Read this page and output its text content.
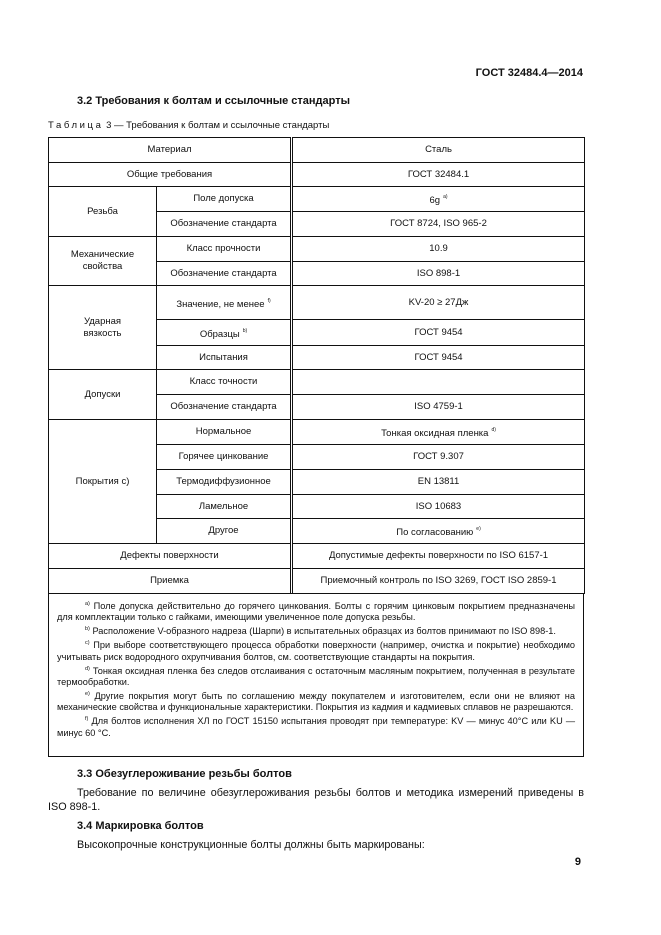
ГОСТ 32484.4—2014
3.2 Требования к болтам и ссылочные стандарты
Таблица 3 — Требования к болтам и ссылочные стандарты
Материал		Сталь
Общие требования		ГОСТ 32484.1
Резьба	Поле допуска	6g $^{а)}$
	Обозначение стандарта	ГОСТ 8724, ISO 965-2
Механические
свойства	Класс прочности	10.9
	Обозначение стандарта	ISO 898-1
Ударная
вязкость	Значение, не менее $^{f)}$	KV-20 ≥ 27Дж
	Образцы $^{b)}$	ГОСТ 9454
	Испытания	ГОСТ 9454
Допуски	Класс точности	
	Обозначение стандарта	ISO 4759-1
Покрытия с)	Нормальное	Тонкая оксидная пленка $^{d)}$
	Горячее цинкование	ГОСТ 9.307
	Термодиффузионное	EN 13811
	Ламельное	ISO 10683
	Другое	По согласованию $^{e)}$
Дефекты поверхности		Допустимые дефекты поверхности по ISO 6157-1
Приемка		Приемочный контроль по ISO 3269, ГОСТ ISO 2859-1

$^{а)}$ Поле допуска действительно до горячего цинкования. Болты с горячим цинковым покрытием предназначены для комплектации только с гайками, имеющими увеличенное поле допуска резьбы.

$^{b)}$ Расположение V-образного надреза (Шарпи) в испытательных образцах из болтов принимают по ISO 898-1.

$^{c)}$ При выборе соответствующего процесса обработки поверхности (например, очистка и покрытие) необходимо учитывать риск водородного охрупчивания болтов, см. соответствующие стандарты на покрытия.

$^{d)}$ Тонкая оксидная пленка без следов отслаивания с остаточным масляным покрытием, полученная в результате термообработки.

$^{e)}$ Другие покрытия могут быть по соглашению между покупателем и изготовителем, если они не влияют на механические свойства и функциональные характеристики. Покрытия из кадмия и кадмиевых сплавов не разрешаются.

$^{f)}$ Для болтов исполнения ХЛ по ГОСТ 15150 испытания проводят при температуре: KV — минус 40°С или KU — минус 60 °С.

3.3 Обезуглероживание резьбы болтов
Требование по величине обезуглероживания резьбы болтов и методика измерений приведены в ISO 898-1.
3.4 Маркировка болтов
Высокопрочные конструкционные болты должны быть маркированы:
9
